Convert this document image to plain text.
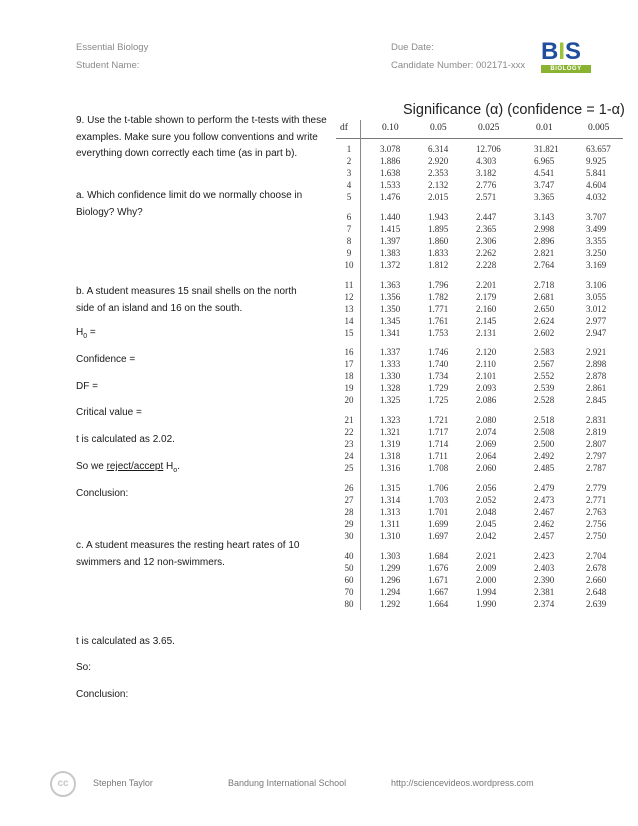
Essential Biology
Student Name:
Due Date:
Candidate Number: 002171-xxx
BIS
BIOLOGY
9. Use the t-table shown to perform the t-tests with these examples. Make sure you follow conventions and write everything down correctly each time (as in part b).
a. Which confidence limit do we normally choose in Biology? Why?
b. A student measures 15 snail shells on the north side of an island and 16 on the south.
$H_0$ =
Confidence =
DF =
Critical value =
t is calculated as 2.02.
So we reject/accept $H_o$.
Conclusion:
c. A student measures the resting heart rates of 10 swimmers and 12 non-swimmers.
t is calculated as 3.65.
So:
Conclusion:
Significance (α) (confidence = 1-α)
df	0.10	0.05	0.025	0.01	0.005
1	3.078	6.314	12.706	31.821	63.657
2	1.886	2.920	4.303	6.965	9.925
3	1.638	2.353	3.182	4.541	5.841
4	1.533	2.132	2.776	3.747	4.604
5	1.476	2.015	2.571	3.365	4.032
6	1.440	1.943	2.447	3.143	3.707
7	1.415	1.895	2.365	2.998	3.499
8	1.397	1.860	2.306	2.896	3.355
9	1.383	1.833	2.262	2.821	3.250
10	1.372	1.812	2.228	2.764	3.169
11	1.363	1.796	2.201	2.718	3.106
12	1.356	1.782	2.179	2.681	3.055
13	1.350	1.771	2.160	2.650	3.012
14	1.345	1.761	2.145	2.624	2.977
15	1.341	1.753	2.131	2.602	2.947
16	1.337	1.746	2.120	2.583	2.921
17	1.333	1.740	2.110	2.567	2.898
18	1.330	1.734	2.101	2.552	2.878
19	1.328	1.729	2.093	2.539	2.861
20	1.325	1.725	2.086	2.528	2.845
21	1.323	1.721	2.080	2.518	2.831
22	1.321	1.717	2.074	2.508	2.819
23	1.319	1.714	2.069	2.500	2.807
24	1.318	1.711	2.064	2.492	2.797
25	1.316	1.708	2.060	2.485	2.787
26	1.315	1.706	2.056	2.479	2.779
27	1.314	1.703	2.052	2.473	2.771
28	1.313	1.701	2.048	2.467	2.763
29	1.311	1.699	2.045	2.462	2.756
30	1.310	1.697	2.042	2.457	2.750
40	1.303	1.684	2.021	2.423	2.704
50	1.299	1.676	2.009	2.403	2.678
60	1.296	1.671	2.000	2.390	2.660
70	1.294	1.667	1.994	2.381	2.648
80	1.292	1.664	1.990	2.374	2.639
cc	Stephen Taylor	Bandung International School	http://sciencevideos.wordpress.com
